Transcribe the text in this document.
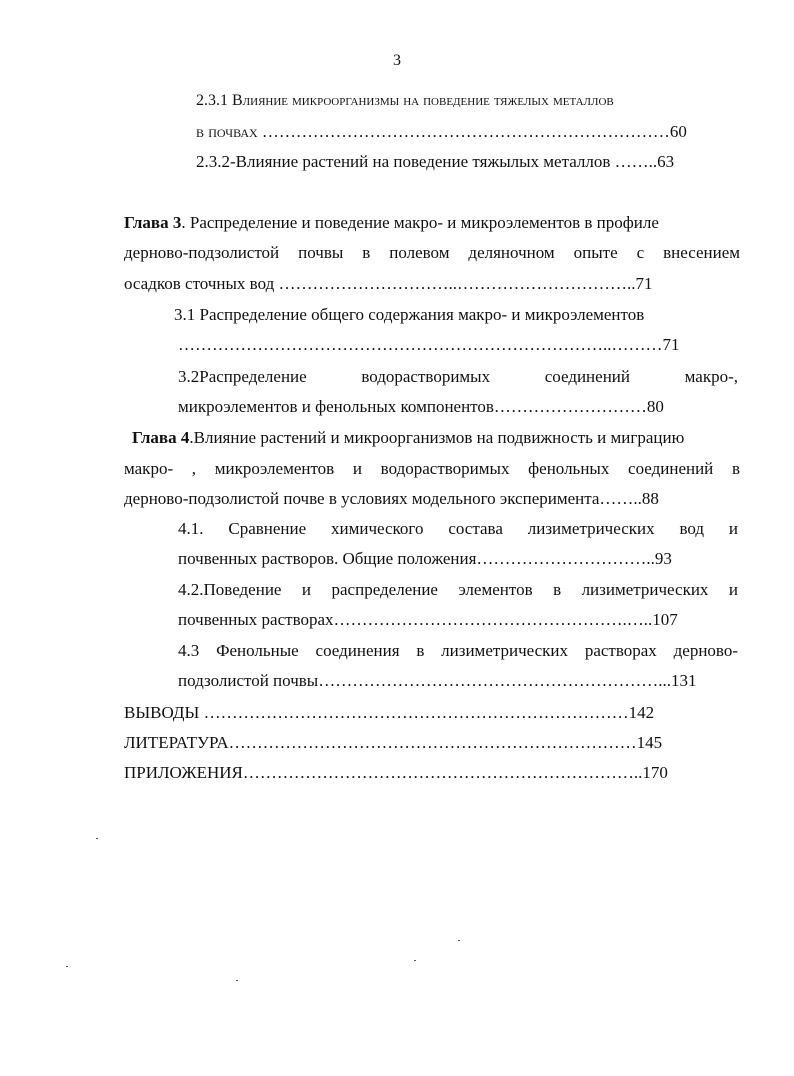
3
2.3.1 Влияние микроорганизмы на поведение тяжелых металлов
в почвах ………………………………………………………………60
2.3.2-Влияние растений на поведение тяжылых металлов ……..63
Глава 3. Распределение и поведение макро- и микроэлементов в профиле
дерново-подзолистой почвы в полевом деляночном опыте с внесением
осадков сточных вод …………………………..…………………………..71
3.1 Распределение общего содержания макро- и микроэлементов
…………………………………………………………………..………71
3.2Распределение водорастворимых соединений макро-,
микроэлементов и фенольных компонентов………………………80
Глава 4.Влияние растений и микроорганизмов на подвижность и миграцию
макро- , микроэлементов и водорастворимых фенольных соединений в
дерново-подзолистой почве в условиях модельного эксперимента……..88
4.1. Сравнение химического состава лизиметрических вод и
почвенных растворов. Общие положения…………………………..93
4.2.Поведение и распределение элементов в лизиметрических и
почвенных растворах…………………………………………….…..107
4.3 Фенольные соединения в лизиметрических растворах дерново-
подзолистой почвы……………………………………………………...131
ВЫВОДЫ …………………………………………………………………142
ЛИТЕРАТУРА………………………………………………………………145
ПРИЛОЖЕНИЯ……………………………………………………………..170
